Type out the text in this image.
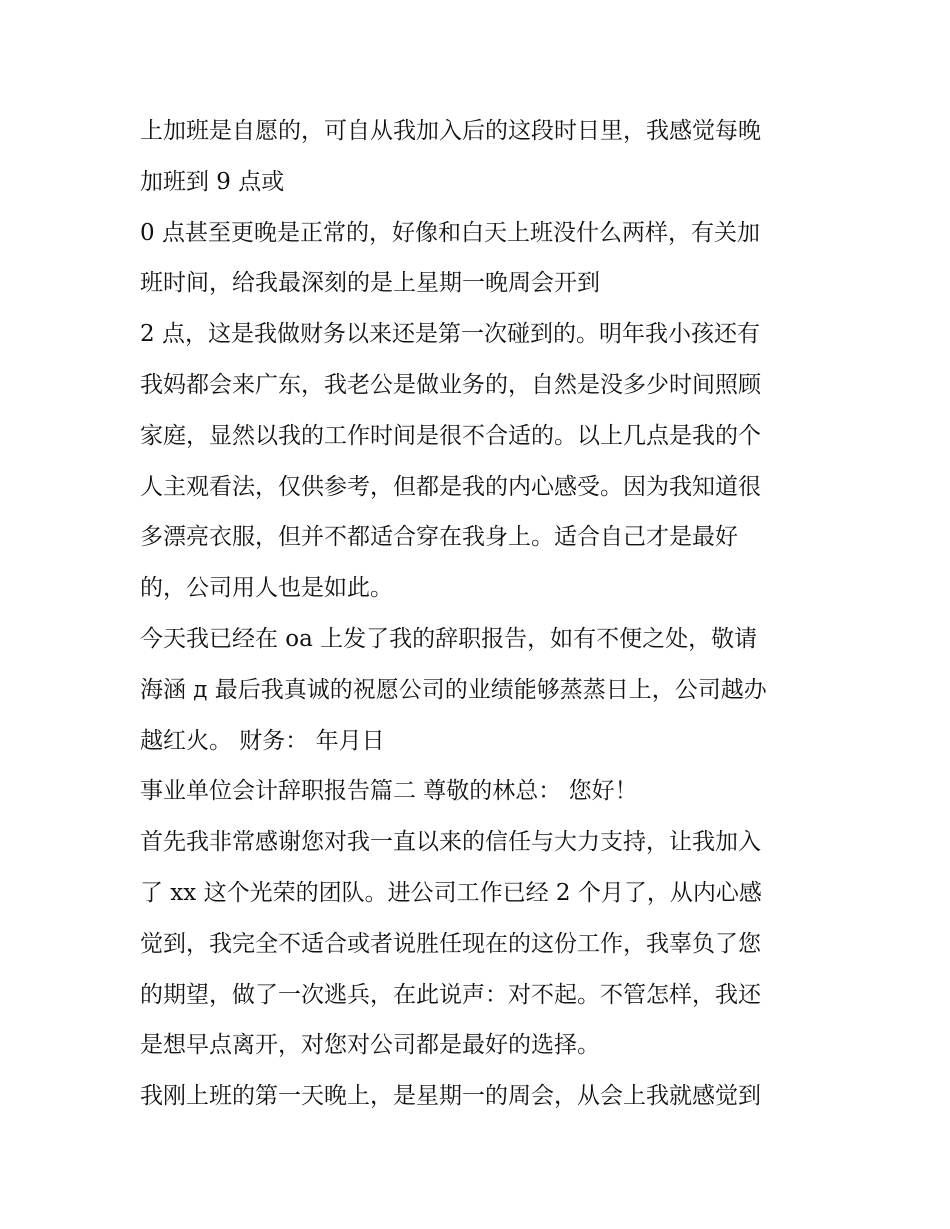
上加班是自愿的，可自从我加入后的这段时日里，我感觉每晚
加班到 9 点或
0 点甚至更晚是正常的，好像和白天上班没什么两样，有关加
班时间，给我最深刻的是上星期一晚周会开到
2 点，这是我做财务以来还是第一次碰到的。明年我小孩还有
我妈都会来广东，我老公是做业务的，自然是没多少时间照顾
家庭，显然以我的工作时间是很不合适的。以上几点是我的个
人主观看法，仅供参考，但都是我的内心感受。因为我知道很
多漂亮衣服，但并不都适合穿在我身上。适合自己才是最好
的，公司用人也是如此。
今天我已经在 oa 上发了我的辞职报告，如有不便之处，敬请
海涵 д 最后我真诚的祝愿公司的业绩能够蒸蒸日上，公司越办
越红火。 财务： 年月日
事业单位会计辞职报告篇二 尊敬的林总： 您好！
首先我非常感谢您对我一直以来的信任与大力支持，让我加入
了 xx 这个光荣的团队。进公司工作已经 2 个月了，从内心感
觉到，我完全不适合或者说胜任现在的这份工作，我辜负了您
的期望，做了一次逃兵，在此说声：对不起。不管怎样，我还
是想早点离开，对您对公司都是最好的选择。
我刚上班的第一天晚上，是星期一的周会，从会上我就感觉到
